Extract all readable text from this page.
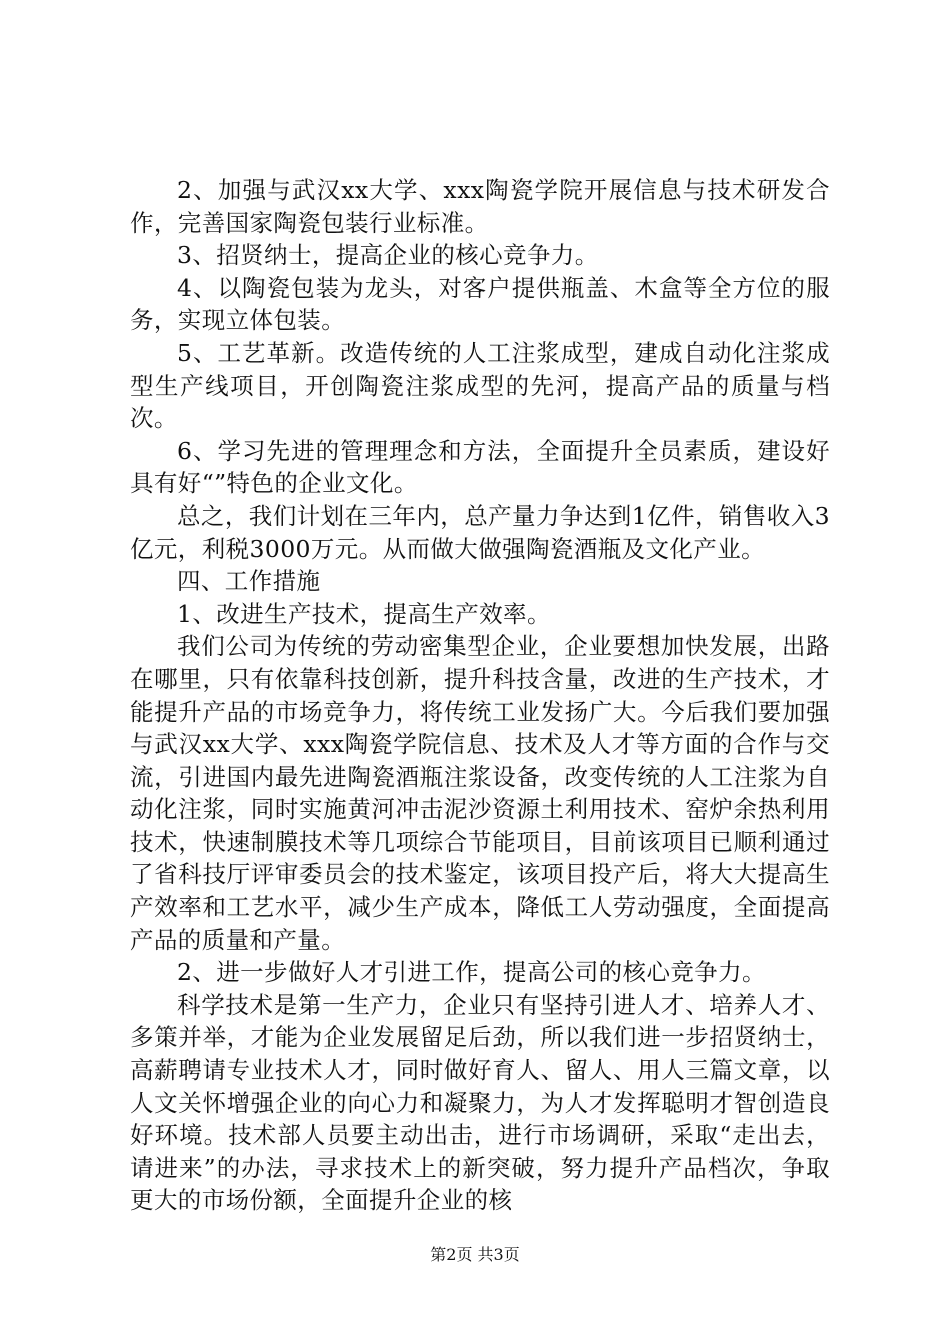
2、加强与武汉xx大学、xxx陶瓷学院开展信息与技术研发合作，完善国家陶瓷包装行业标准。

3、招贤纳士，提高企业的核心竞争力。

4、以陶瓷包装为龙头，对客户提供瓶盖、木盒等全方位的服务，实现立体包装。

5、工艺革新。改造传统的人工注浆成型，建成自动化注浆成型生产线项目，开创陶瓷注浆成型的先河，提高产品的质量与档次。

6、学习先进的管理理念和方法，全面提升全员素质，建设好具有好“”特色的企业文化。

总之，我们计划在三年内，总产量力争达到1亿件，销售收入3亿元，利税3000万元。从而做大做强陶瓷酒瓶及文化产业。

四、工作措施

1、改进生产技术，提高生产效率。

我们公司为传统的劳动密集型企业，企业要想加快发展，出路在哪里，只有依靠科技创新，提升科技含量，改进的生产技术，才能提升产品的市场竞争力，将传统工业发扬广大。今后我们要加强与武汉xx大学、xxx陶瓷学院信息、技术及人才等方面的合作与交流，引进国内最先进陶瓷酒瓶注浆设备，改变传统的人工注浆为自动化注浆，同时实施黄河冲击泥沙资源土利用技术、窑炉余热利用技术，快速制膜技术等几项综合节能项目，目前该项目已顺利通过了省科技厅评审委员会的技术鉴定，该项目投产后，将大大提高生产效率和工艺水平，减少生产成本，降低工人劳动强度，全面提高产品的质量和产量。

2、进一步做好人才引进工作，提高公司的核心竞争力。

科学技术是第一生产力，企业只有坚持引进人才、培养人才、多策并举，才能为企业发展留足后劲，所以我们进一步招贤纳士，高薪聘请专业技术人才，同时做好育人、留人、用人三篇文章，以人文关怀增强企业的向心力和凝聚力，为人才发挥聪明才智创造良好环境。技术部人员要主动出击，进行市场调研，采取“走出去，请进来”的办法，寻求技术上的新突破，努力提升产品档次，争取更大的市场份额，全面提升企业的核

第2页 共3页
